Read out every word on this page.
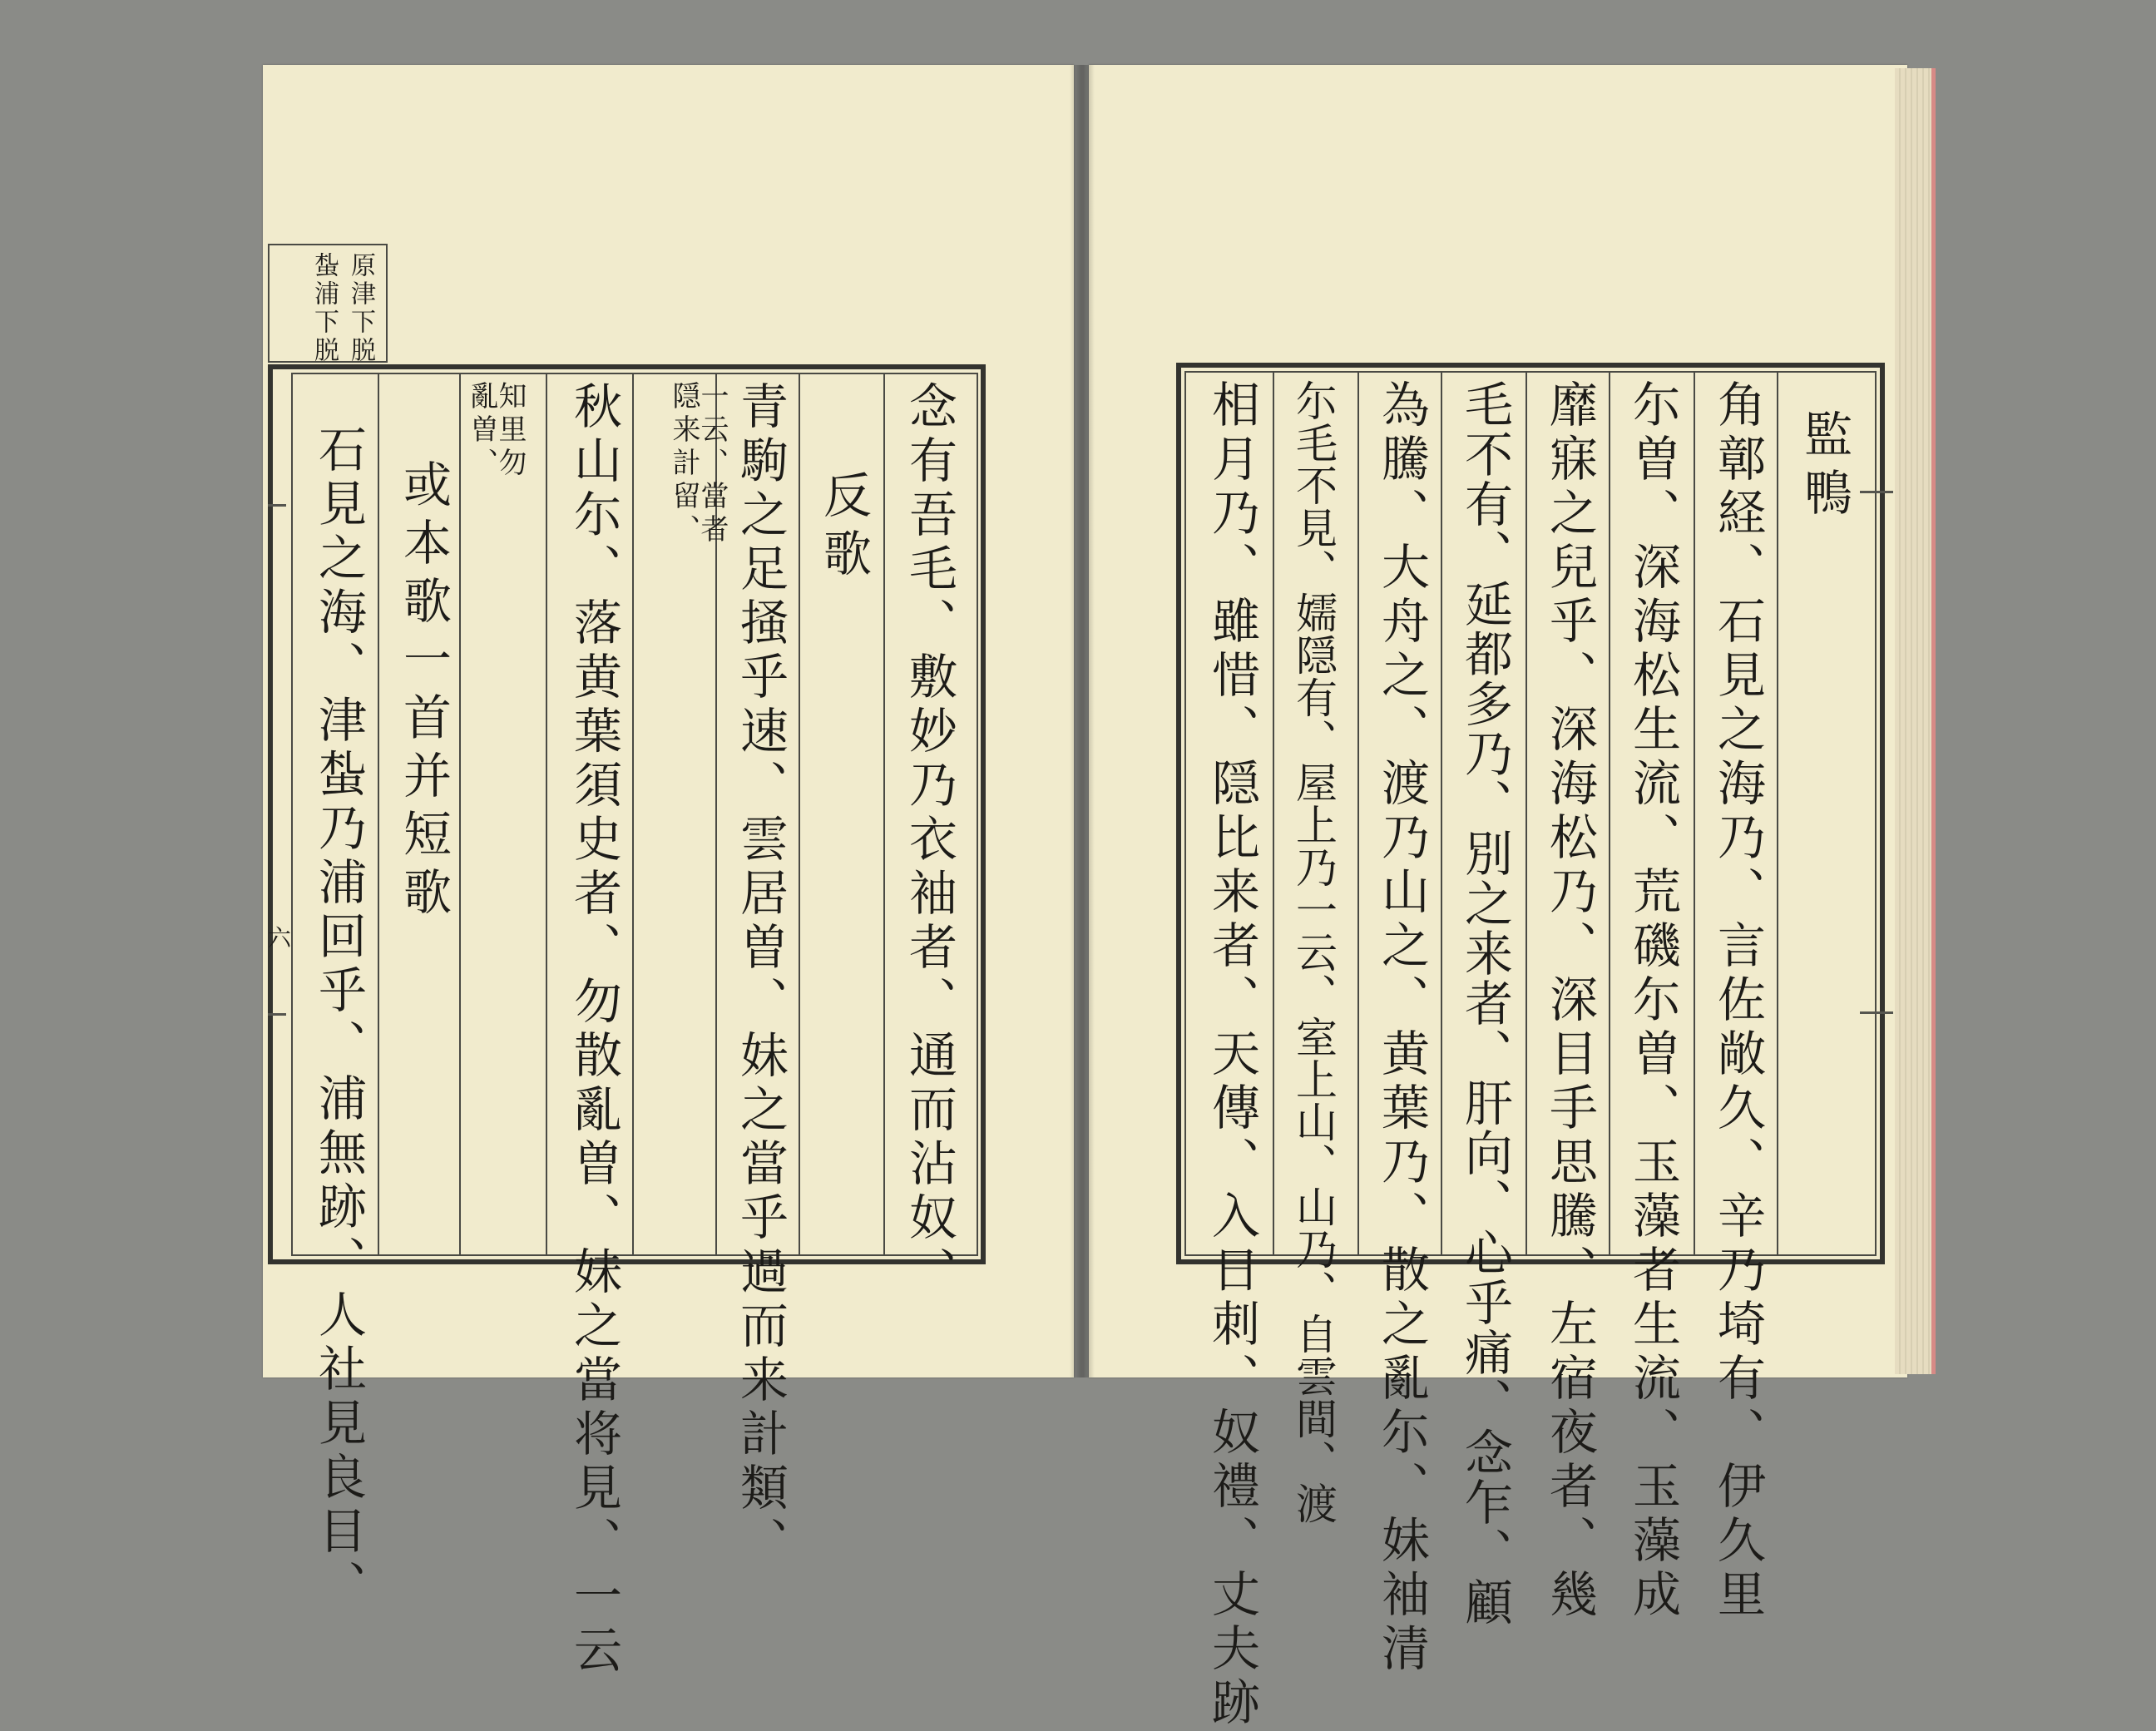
原津下脱
蚻浦下脱
六	念有吾毛、敷妙乃衣袖者、通而沾奴、
反歌
青駒之足掻乎速、雲居曽、妹之當乎過而来計類、
一云、當者隠来計留、
秋山尓、落黄葉須史者、勿散亂曽、妹之當将見、一云
知里勿亂曽、
或本歌一首并短歌
石見之海、津蚻乃浦回乎、浦無跡、人社見良目、	監鴨
角鄣経、石見之海乃、言佐敞久、辛乃埼有、伊久里
尓曽、深海松生流、荒磯尓曽、玉藻者生流、玉藻成
靡寐之兒乎、深海松乃、深目手思騰、左宿夜者、幾
毛不有、延都多乃、別之来者、肝向、心乎痛、念乍、顧
為騰、大舟之、渡乃山之、黄葉乃、散之亂尓、妹袖清
尓毛不見、嬬隠有、屋上乃一云、室上山、山乃、自雲間、渡
相月乃、雖惜、隠比来者、天傳、入日刺、奴禮、丈夫跡
